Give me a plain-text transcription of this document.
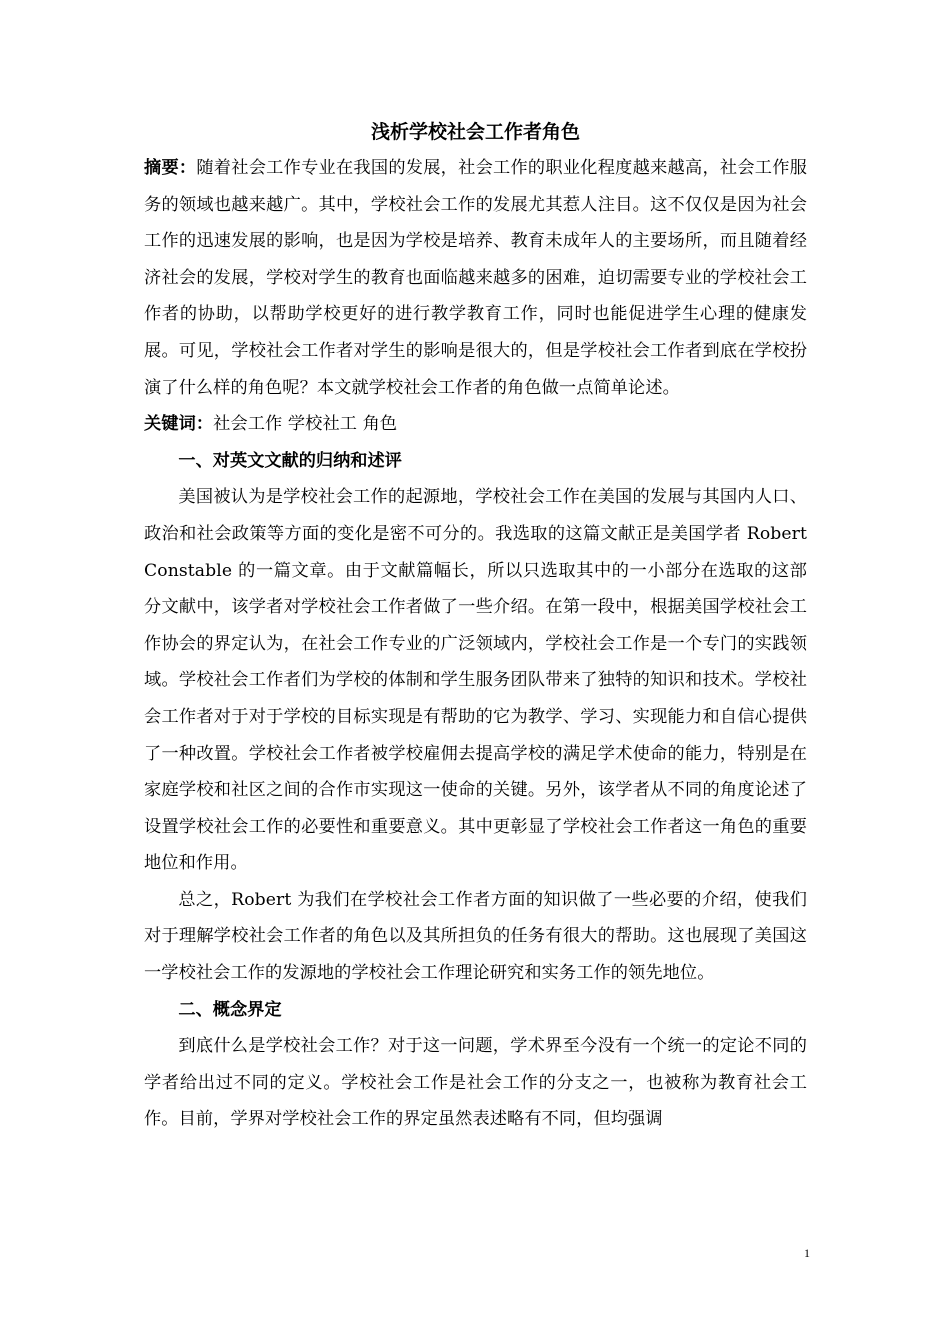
浅析学校社会工作者角色

摘要：随着社会工作专业在我国的发展，社会工作的职业化程度越来越高，社会工作服务的领域也越来越广。其中，学校社会工作的发展尤其惹人注目。这不仅仅是因为社会工作的迅速发展的影响，也是因为学校是培养、教育未成年人的主要场所，而且随着经济社会的发展，学校对学生的教育也面临越来越多的困难，迫切需要专业的学校社会工作者的协助，以帮助学校更好的进行教学教育工作，同时也能促进学生心理的健康发展。可见，学校社会工作者对学生的影响是很大的，但是学校社会工作者到底在学校扮演了什么样的角色呢？本文就学校社会工作者的角色做一点简单论述。

关键词：社会工作 学校社工 角色

一、对英文文献的归纳和述评

美国被认为是学校社会工作的起源地，学校社会工作在美国的发展与其国内人口、政治和社会政策等方面的变化是密不可分的。我选取的这篇文献正是美国学者 Robert Constable 的一篇文章。由于文献篇幅长，所以只选取其中的一小部分在选取的这部分文献中，该学者对学校社会工作者做了一些介绍。在第一段中，根据美国学校社会工作协会的界定认为，在社会工作专业的广泛领域内，学校社会工作是一个专门的实践领域。学校社会工作者们为学校的体制和学生服务团队带来了独特的知识和技术。学校社会工作者对于对于学校的目标实现是有帮助的它为教学、学习、实现能力和自信心提供了一种改置。学校社会工作者被学校雇佣去提高学校的满足学术使命的能力，特别是在家庭学校和社区之间的合作市实现这一使命的关键。另外，该学者从不同的角度论述了设置学校社会工作的必要性和重要意义。其中更彰显了学校社会工作者这一角色的重要地位和作用。

总之，Robert 为我们在学校社会工作者方面的知识做了一些必要的介绍，使我们对于理解学校社会工作者的角色以及其所担负的任务有很大的帮助。这也展现了美国这一学校社会工作的发源地的学校社会工作理论研究和实务工作的领先地位。

二、概念界定

到底什么是学校社会工作？对于这一问题，学术界至今没有一个统一的定论不同的学者给出过不同的定义。学校社会工作是社会工作的分支之一，也被称为教育社会工作。目前，学界对学校社会工作的界定虽然表述略有不同，但均强调

1
